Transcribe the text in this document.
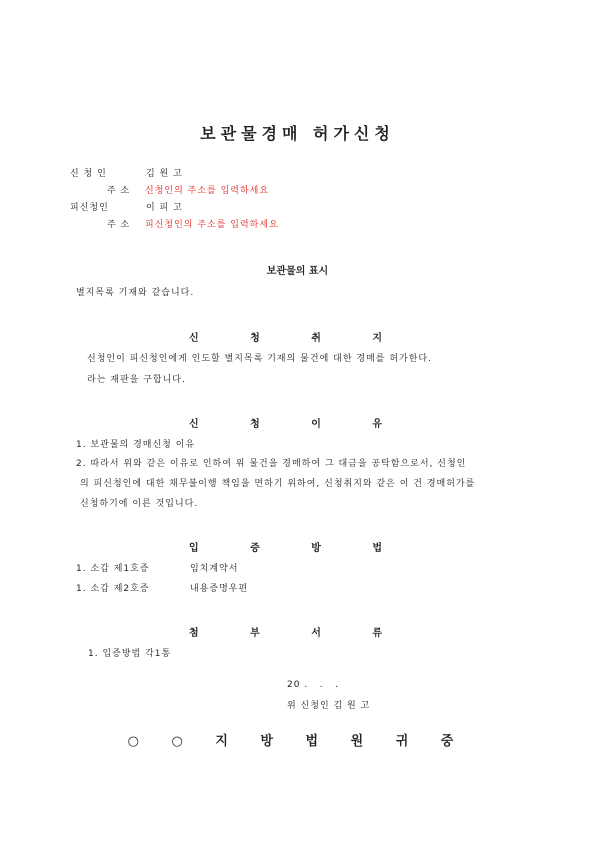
보관물경매 허가신청
신 청 인	김 원 고
주 소 신청인의 주소를 입력하세요
피신청인	이 피 고
주 소 피신청인의 주소를 입력하세요
보관물의 표시
별지목록 기재와 같습니다.
신 청 취 지
신청인이 피신청인에게 인도할 별지목록 기재의 물건에 대한 경매를 허가한다.
라는 재판을 구합니다.
신 청 이 유
1. 보관물의 경매신청 이유
2. 따라서 위와 같은 이유로 인하여 위 물건을 경매하여 그 대금을 공탁함으로서, 신청인
의 피신청인에 대한 채무불이행 책임을 면하기 위하여, 신청취지와 같은 이 건 경매허가를
신청하기에 이른 것입니다.
입 증 방 법
1. 소갑 제1호증	임치계약서
1. 소갑 제2호증	내용증명우편
첨 부 서 류
1. 입증방법 각1통
20 .   .   .
위 신청인 김 원 고
○ ○ 지 방 법 원 귀 중
